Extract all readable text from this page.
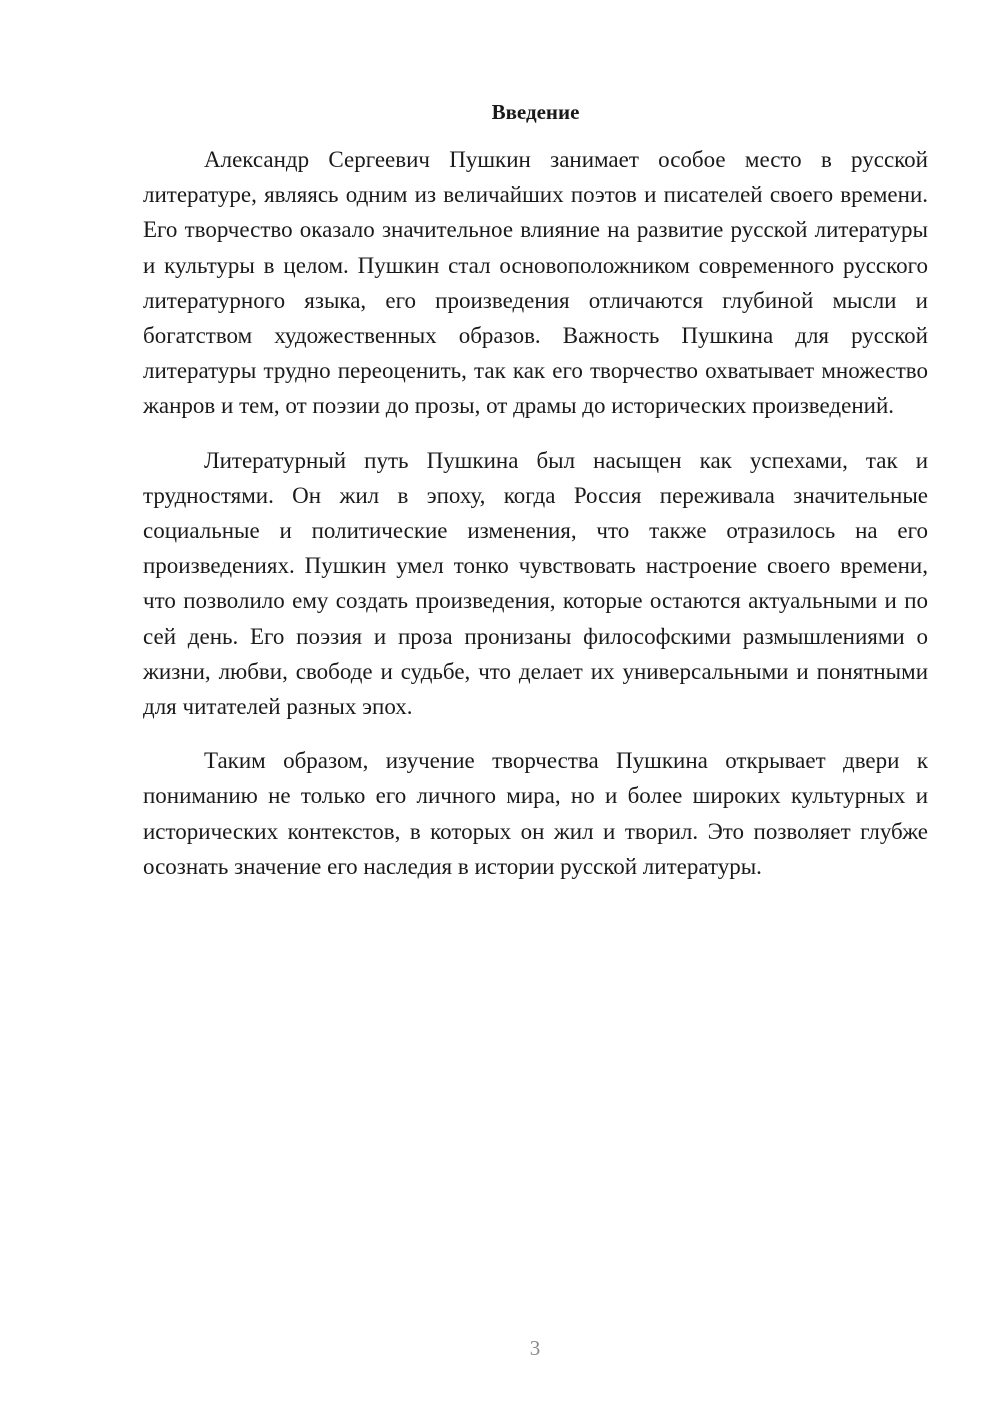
Введение

Александр Сергеевич Пушкин занимает особое место в русской литературе, являясь одним из величайших поэтов и писателей своего времени. Его творчество оказало значительное влияние на развитие русской литературы и культуры в целом. Пушкин стал основоположником современного русского литературного языка, его произведения отличаются глубиной мысли и богатством художественных образов. Важность Пушкина для русской литературы трудно переоценить, так как его творчество охватывает множество жанров и тем, от поэзии до прозы, от драмы до исторических произведений.

Литературный путь Пушкина был насыщен как успехами, так и трудностями. Он жил в эпоху, когда Россия переживала значительные социальные и политические изменения, что также отразилось на его произведениях. Пушкин умел тонко чувствовать настроение своего времени, что позволило ему создать произведения, которые остаются актуальными и по сей день. Его поэзия и проза пронизаны философскими размышлениями о жизни, любви, свободе и судьбе, что делает их универсальными и понятными для читателей разных эпох.

Таким образом, изучение творчества Пушкина открывает двери к пониманию не только его личного мира, но и более широких культурных и исторических контекстов, в которых он жил и творил. Это позволяет глубже осознать значение его наследия в истории русской литературы.

3
